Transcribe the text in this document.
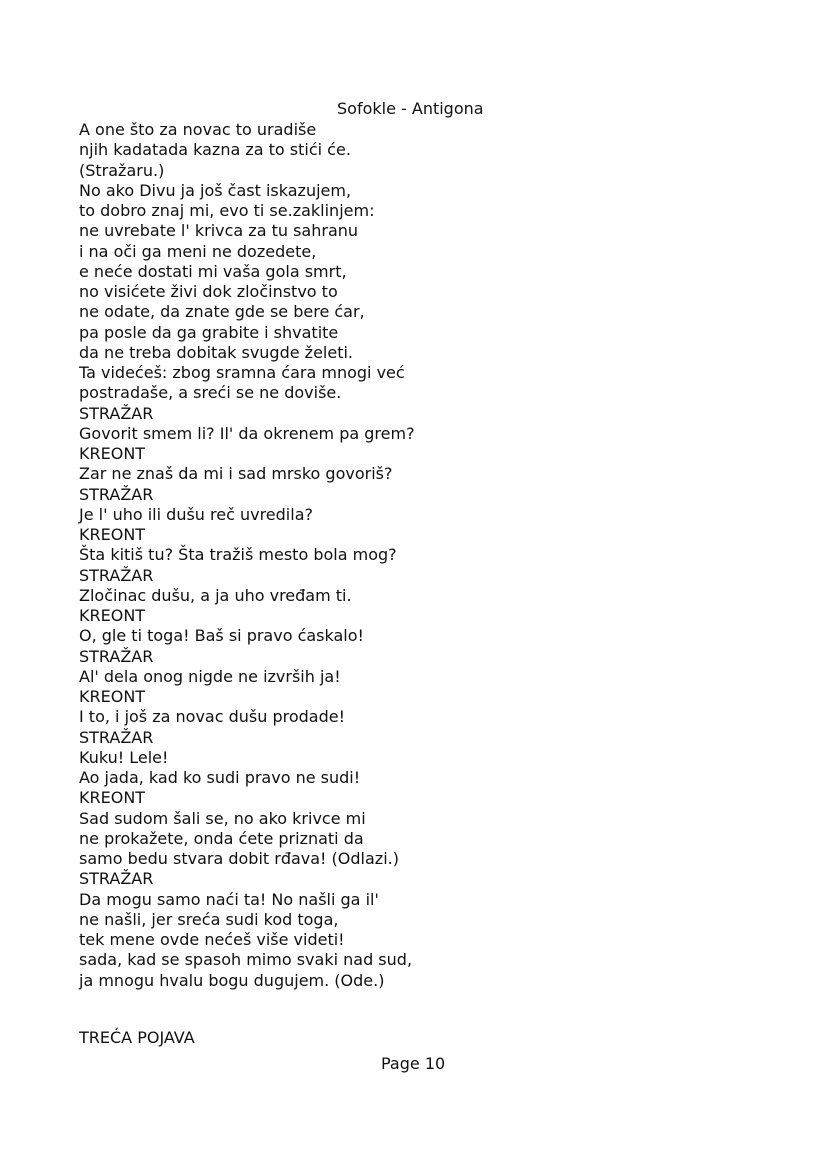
Sofokle - Antigona
A one što za novac to uradiše
njih kadatada kazna za to stići će.
(Stražaru.)
No ako Divu ja još čast iskazujem,
to dobro znaj mi, evo ti se.zaklinjem:
ne uvrebate l' krivca za tu sahranu
i na oči ga meni ne dozedete,
e neće dostati mi vaša gola smrt,
no visićete živi dok zločinstvo to
ne odate, da znate gde se bere ćar,
pa posle da ga grabite i shvatite
da ne treba dobitak svugde želeti.
Ta videćeš: zbog sramna ćara mnogi već
postradaše, a sreći se ne doviše.
STRAŽAR
Govorit smem li? Il' da okrenem pa grem?
KREONT
Zar ne znaš da mi i sad mrsko govoriš?
STRAŽAR
Je l' uho ili dušu reč uvredila?
KREONT
Šta kitiš tu? Šta tražiš mesto bola mog?
STRAŽAR
Zločinac dušu, a ja uho vređam ti.
KREONT
O, gle ti toga! Baš si pravo ćaskalo!
STRAŽAR
Al' dela onog nigde ne izvrših ja!
KREONT
I to, i još za novac dušu prodade!
STRAŽAR
Kuku! Lele!
Ao jada, kad ko sudi pravo ne sudi!
KREONT
Sad sudom šali se, no ako krivce mi
ne prokažete, onda ćete priznati da
samo bedu stvara dobit rđava! (Odlazi.)
STRAŽAR
Da mogu samo naći ta! No našli ga il'
ne našli, jer sreća sudi kod toga,
tek mene ovde nećeš više videti!
sada, kad se spasoh mimo svaki nad sud,
ja mnogu hvalu bogu dugujem. (Ode.)
TREĆA POJAVA
Page 10
